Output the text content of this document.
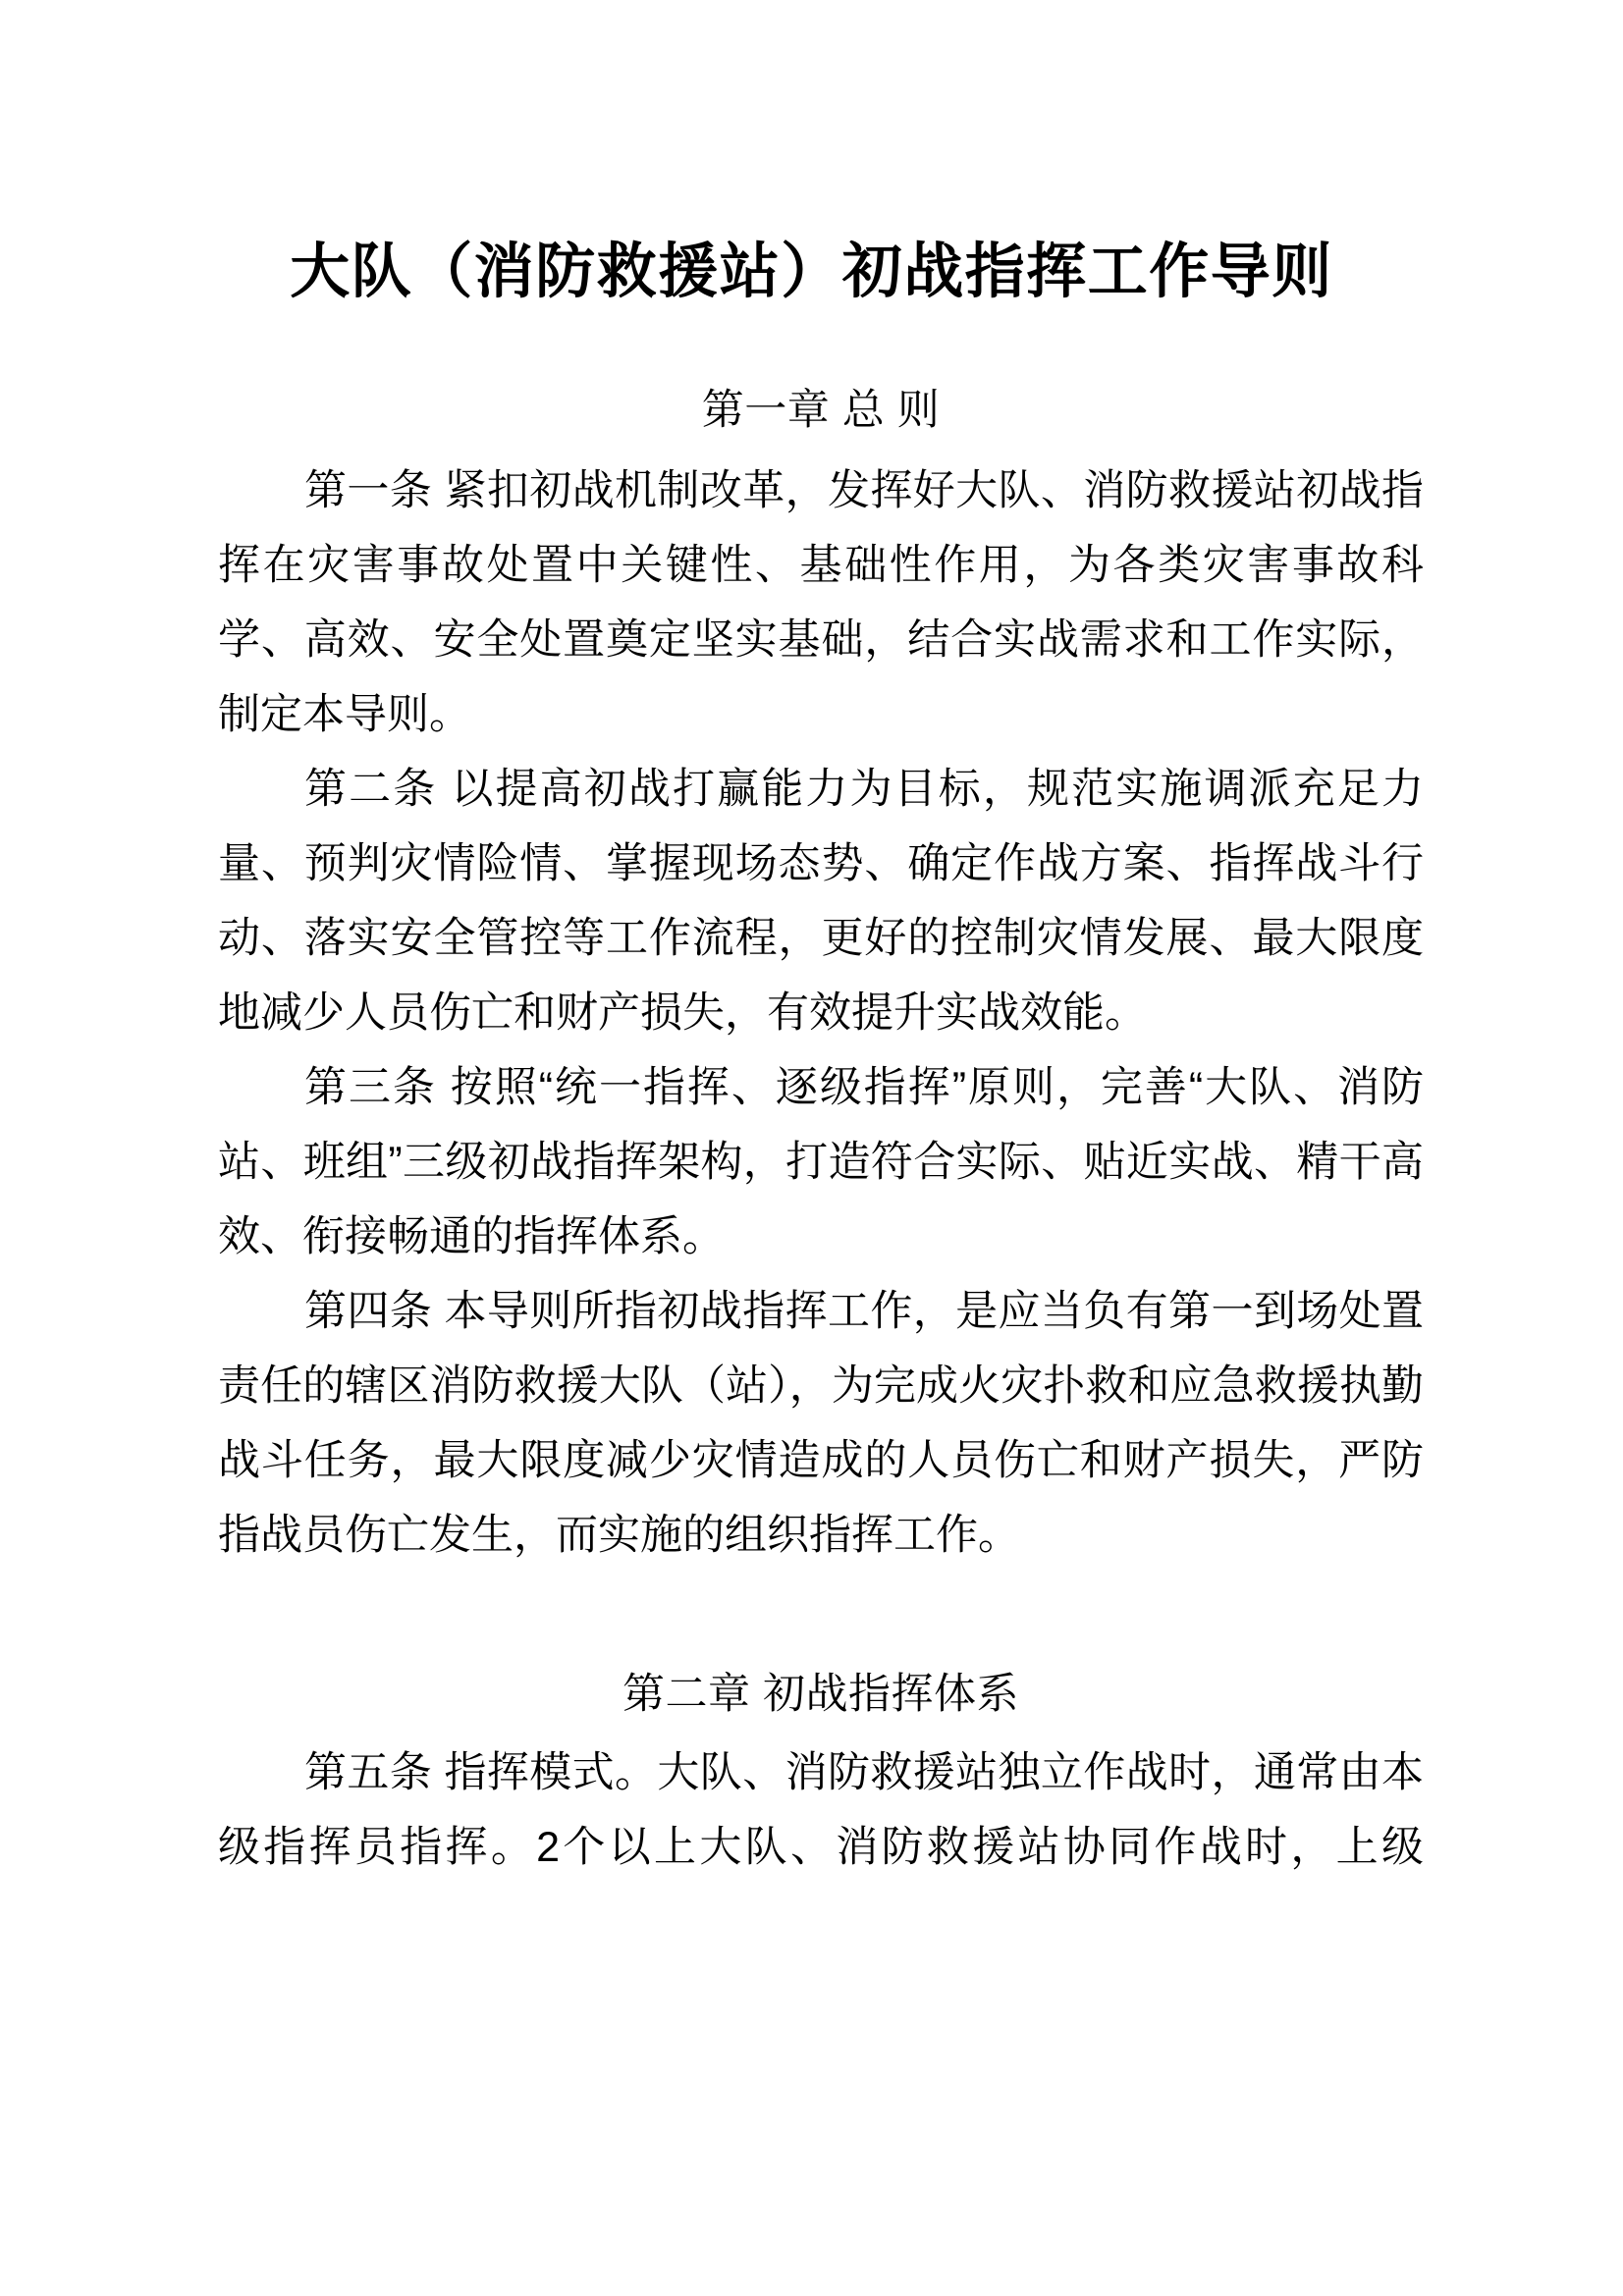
大队（消防救援站）初战指挥工作导则
第一章 总 则

第一条 紧扣初战机制改革，发挥好大队、消防救援站初战指挥在灾害事故处置中关键性、基础性作用，为各类灾害事故科学、高效、安全处置奠定坚实基础，结合实战需求和工作实际，制定本导则。

第二条 以提高初战打赢能力为目标，规范实施调派充足力量、预判灾情险情、掌握现场态势、确定作战方案、指挥战斗行动、落实安全管控等工作流程，更好的控制灾情发展、最大限度地减少人员伤亡和财产损失，有效提升实战效能。

第三条 按照“统一指挥、逐级指挥”原则，完善“大队、消防站、班组”三级初战指挥架构，打造符合实际、贴近实战、精干高效、衔接畅通的指挥体系。

第四条 本导则所指初战指挥工作，是应当负有第一到场处置责任的辖区消防救援大队（站），为完成火灾扑救和应急救援执勤战斗任务，最大限度减少灾情造成的人员伤亡和财产损失，严防指战员伤亡发生，而实施的组织指挥工作。

第二章 初战指挥体系

第五条 指挥模式。大队、消防救援站独立作战时，通常由本级指挥员指挥。2个以上大队、消防救援站协同作战时，上级
